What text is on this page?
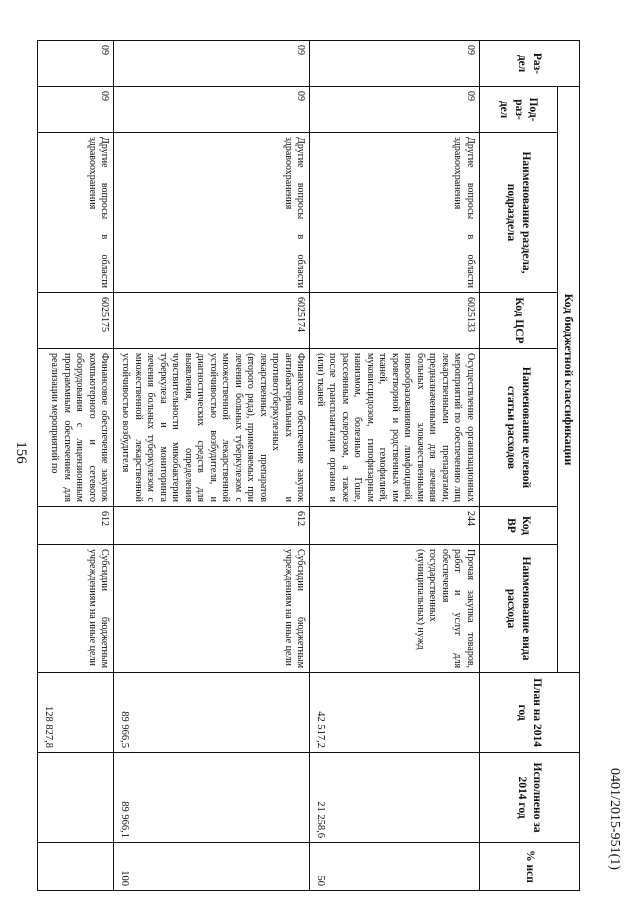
156
0401/2015-951(1)
Раз-дел	Код бюджетной классификации						План на 2014 год	Исполнено за 2014 год	% исп
	Под-раз-дел	Наименование раздела, подраздела	Код ЦСР	Наименование целевой статьи расходов	Код ВР	Наименование вида расхода			
09	09	Другие вопросы в области здравоохранения	6025133	Осуществление организационных мероприятий по обеспечению лиц лекарственными препаратами, предназначенными для лечения больных злокачественными новообразованиями лимфоидной, кроветворной и родственных им тканей, гемофилией, муковисцидозом, гипофизарным нанизмом, болезнью Гоше, рассеянным склерозом, а также после трансплантации органов и (или) тканей	244	Прочая закупка товаров, работ и услуг для обеспечения государственных (муниципальных) нужд	42 517,2	21 258,6	50
09	09	Другие вопросы в области здравоохранения	6025174	Финансовое обеспечение закупок антибактериальных и противотуберкулезных лекарственных препаратов (второго ряда), применяемых при лечении больных туберкулезом с множественной лекарственной устойчивостью возбудителя, и диагностических средств для выявления, определения чувствительности микобактерии туберкулеза и мониторинга лечения больных туберкулезом с множественной лекарственной устойчивостью возбудителя	612	Субсидии бюджетным учреждениям на иные цели	89 966,5	89 966,1	100
09	09	Другие вопросы в области здравоохранения	6025175	Финансовое обеспечение закупок компьютерного и сетевого оборудования с лицензионным программным обеспечением для реализации мероприятий по	612	Субсидии бюджетным учреждениям на иные цели	128 827,8		
